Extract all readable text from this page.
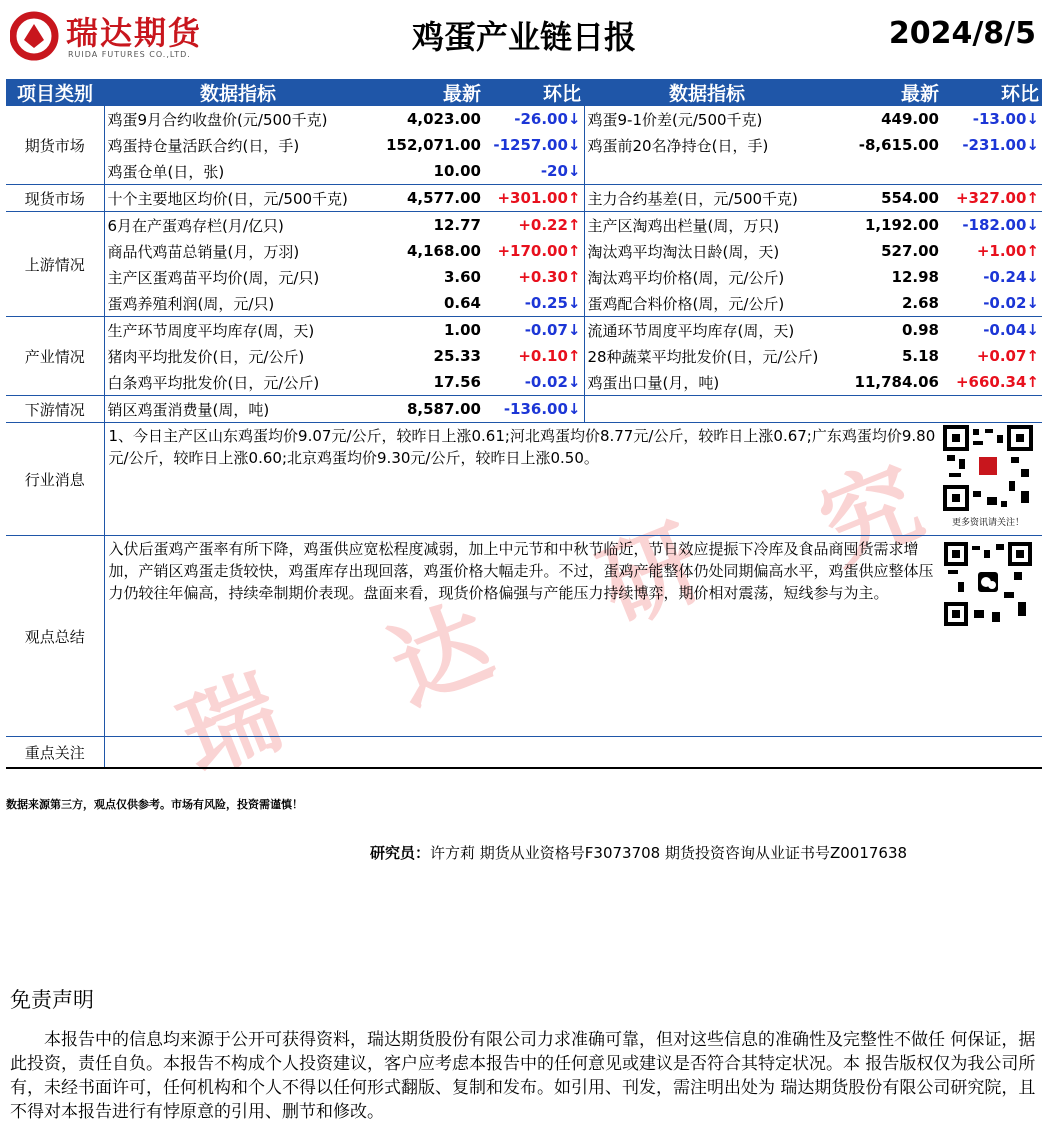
瑞达期货
RUIDA FUTURES CO.,LTD.	鸡蛋产业链日报	2024/8/5
瑞
达
研 究
项目类别	数据指标	最新	环比	数据指标	最新	环比
期货市场	鸡蛋9月合约收盘价(元/500千克)	4,023.00	-26.00↓	鸡蛋9-1价差(元/500千克)	449.00	-13.00↓
	鸡蛋持仓量活跃合约(日，手)	152,071.00	-1257.00↓	鸡蛋前20名净持仓(日，手)	-8,615.00	-231.00↓
	鸡蛋仓单(日，张)	10.00	-20↓			
现货市场	十个主要地区均价(日，元/500千克)	4,577.00	+301.00↑	主力合约基差(日，元/500千克)	554.00	+327.00↑
上游情况	6月在产蛋鸡存栏(月/亿只)	12.77	+0.22↑	主产区淘鸡出栏量(周，万只)	1,192.00	-182.00↓
	商品代鸡苗总销量(月，万羽)	4,168.00	+170.00↑	淘汰鸡平均淘汰日龄(周，天)	527.00	+1.00↑
	主产区蛋鸡苗平均价(周，元/只)	3.60	+0.30↑	淘汰鸡平均价格(周，元/公斤)	12.98	-0.24↓
	蛋鸡养殖利润(周，元/只)	0.64	-0.25↓	蛋鸡配合料价格(周，元/公斤)	2.68	-0.02↓
产业情况	生产环节周度平均库存(周，天)	1.00	-0.07↓	流通环节周度平均库存(周，天)	0.98	-0.04↓
	猪肉平均批发价(日，元/公斤)	25.33	+0.10↑	28种蔬菜平均批发价(日，元/公斤)	5.18	+0.07↑
	白条鸡平均批发价(日，元/公斤)	17.56	-0.02↓	鸡蛋出口量(月，吨)	11,784.06	+660.34↑
下游情况	销区鸡蛋消费量(周，吨)	8,587.00	-136.00↓			
行业消息	1、今日主产区山东鸡蛋均价9.07元/公斤，较昨日上涨0.61;河北鸡蛋均价8.77元/公斤，较昨日上涨0.67;广东鸡蛋均价9.80元/公斤，较昨日上涨0.60;北京鸡蛋均价9.30元/公斤，较昨日上涨0.50。
更多资讯请关注！					

观点总结	入伏后蛋鸡产蛋率有所下降，鸡蛋供应宽松程度减弱，加上中元节和中秋节临近，节日效应提振下冷库及食品商囤货需求增加，产销区鸡蛋走货较快，鸡蛋库存出现回落，鸡蛋价格大幅走升。不过，蛋鸡产能整体仍处同期偏高水平，鸡蛋供应整体压力仍较往年偏高，持续牵制期价表现。盘面来看，现货价格偏强与产能压力持续博弈，期价相对震荡，短线参与为主。					

重点关注						
数据来源第三方，观点仅供参考。市场有风险，投资需谨慎！
研究员：许方莉 期货从业资格号F3073708 期货投资咨询从业证书号Z0017638
免责声明
本报告中的信息均来源于公开可获得资料，瑞达期货股份有限公司力求准确可靠，但对这些信息的准确性及完整性不做任 何保证，据此投资，责任自负。本报告不构成个人投资建议，客户应考虑本报告中的任何意见或建议是否符合其特定状况。本 报告版权仅为我公司所有，未经书面许可，任何机构和个人不得以任何形式翻版、复制和发布。如引用、刊发，需注明出处为 瑞达期货股份有限公司研究院，且不得对本报告进行有悖原意的引用、删节和修改。
